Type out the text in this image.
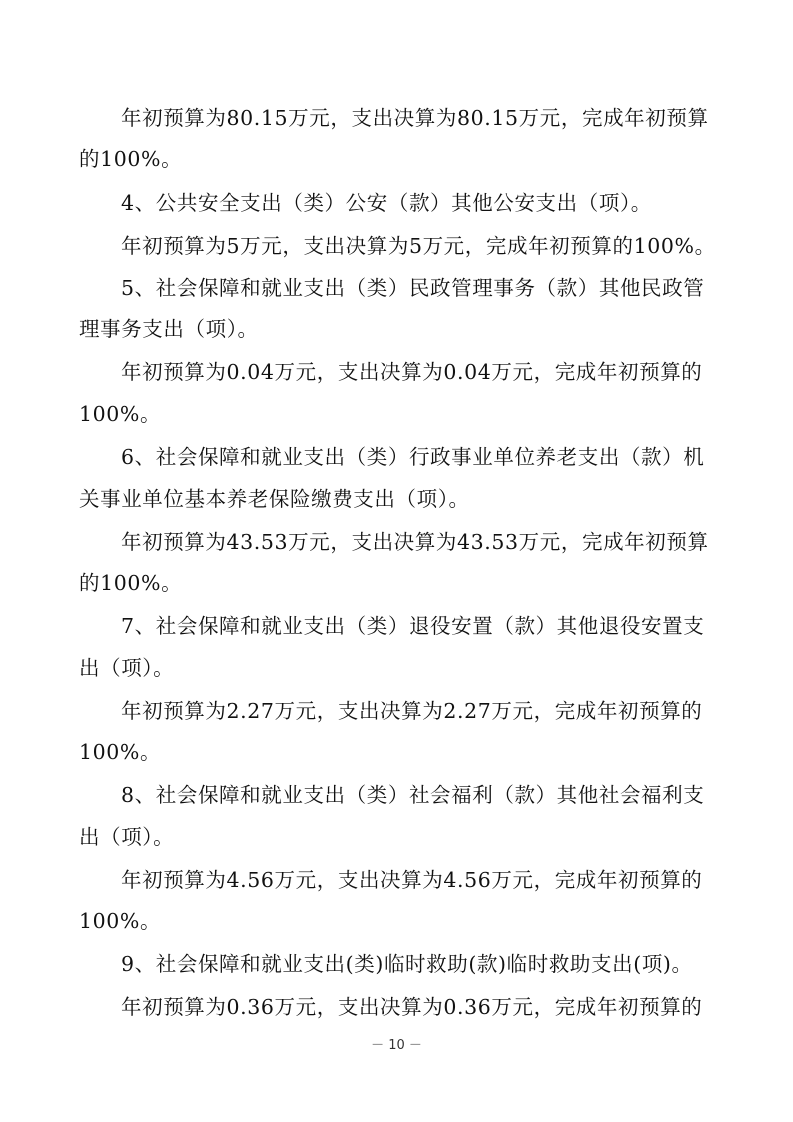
年初预算为80.15万元，支出决算为80.15万元，完成年初预算
的100%。
4、公共安全支出（类）公安（款）其他公安支出（项）。
年初预算为5万元，支出决算为5万元，完成年初预算的100%。
5、社会保障和就业支出（类）民政管理事务（款）其他民政管
理事务支出（项）。
年初预算为0.04万元，支出决算为0.04万元，完成年初预算的
100%。
6、社会保障和就业支出（类）行政事业单位养老支出（款）机
关事业单位基本养老保险缴费支出（项）。
年初预算为43.53万元，支出决算为43.53万元，完成年初预算
的100%。
7、社会保障和就业支出（类）退役安置（款）其他退役安置支
出（项）。
年初预算为2.27万元，支出决算为2.27万元，完成年初预算的
100%。
8、社会保障和就业支出（类）社会福利（款）其他社会福利支
出（项）。
年初预算为4.56万元，支出决算为4.56万元，完成年初预算的
100%。
9、社会保障和就业支出(类)临时救助(款)临时救助支出(项)。
年初预算为0.36万元，支出决算为0.36万元，完成年初预算的
－ 10 －
